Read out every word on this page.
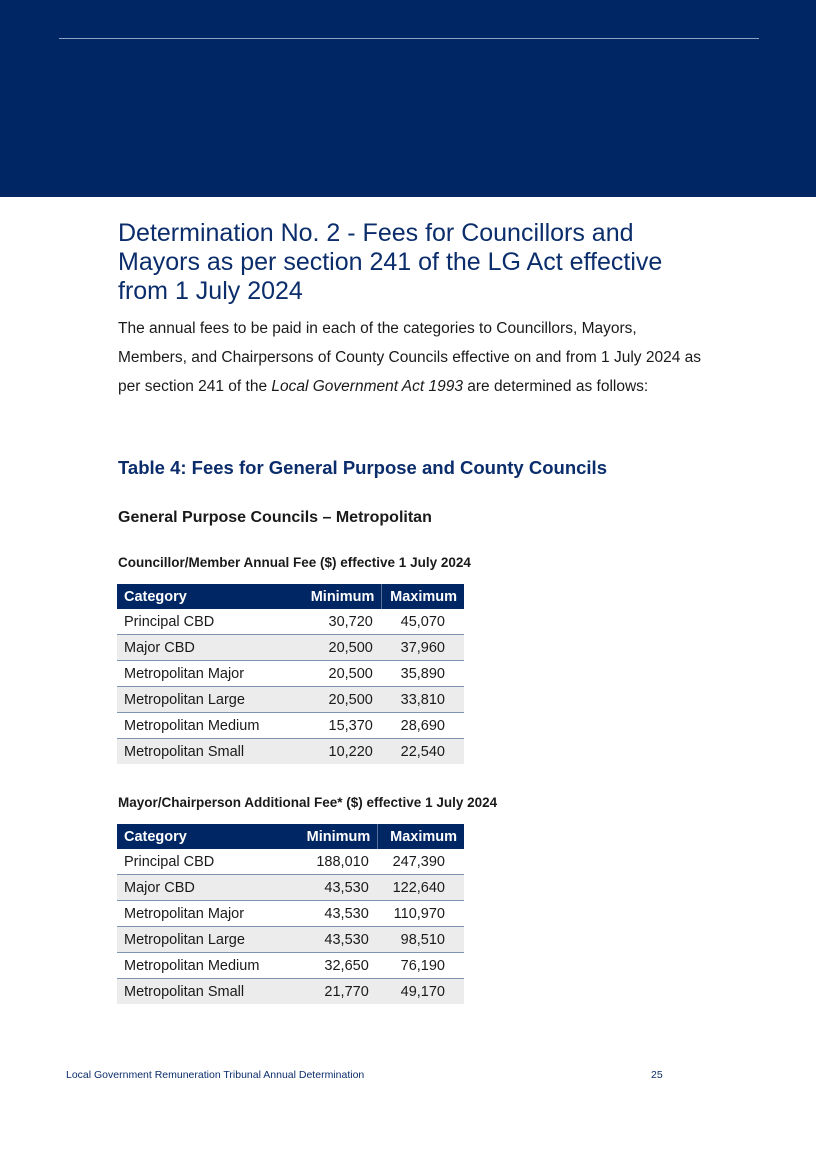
Determination No. 2 - Fees for Councillors and Mayors as per section 241 of the LG Act effective from 1 July 2024

The annual fees to be paid in each of the categories to Councillors, Mayors, Members, and Chairpersons of County Councils effective on and from 1 July 2024 as per section 241 of the Local Government Act 1993 are determined as follows:

Table 4: Fees for General Purpose and County Councils
General Purpose Councils – Metropolitan

Councillor/Member Annual Fee ($) effective 1 July 2024

Category	Minimum	Maximum
Principal CBD	30,720	45,070
Major CBD	20,500	37,960
Metropolitan Major	20,500	35,890
Metropolitan Large	20,500	33,810
Metropolitan Medium	15,370	28,690
Metropolitan Small	10,220	22,540

Mayor/Chairperson Additional Fee* ($) effective 1 July 2024

Category	Minimum	Maximum
Principal CBD	188,010	247,390
Major CBD	43,530	122,640
Metropolitan Major	43,530	110,970
Metropolitan Large	43,530	98,510
Metropolitan Medium	32,650	76,190
Metropolitan Small	21,770	49,170

Local Government Remuneration Tribunal Annual Determination	25
